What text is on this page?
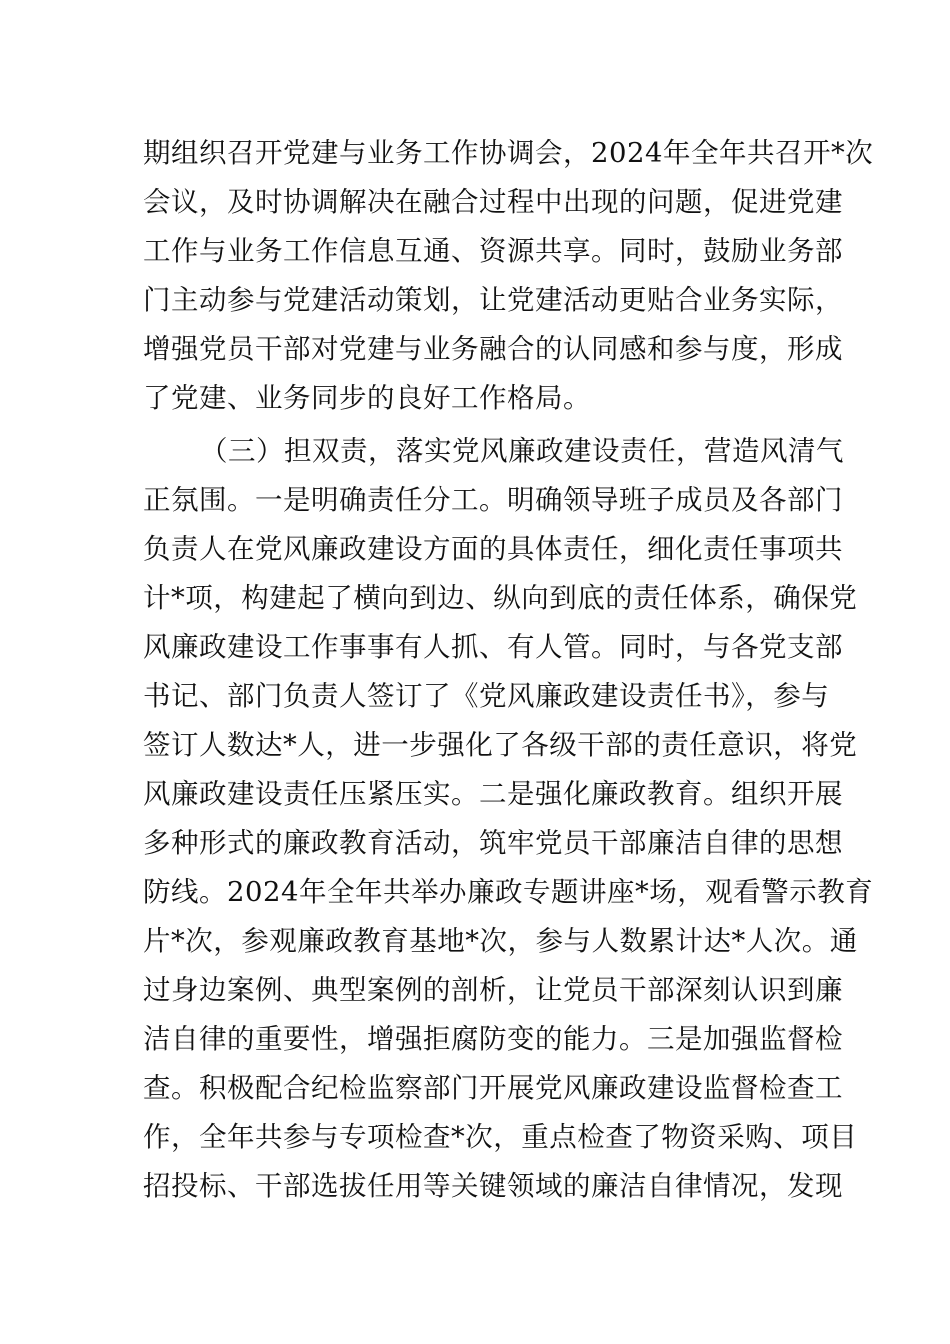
期组织召开党建与业务工作协调会，2024年全年共召开*次
会议，及时协调解决在融合过程中出现的问题，促进党建
工作与业务工作信息互通、资源共享。同时，鼓励业务部
门主动参与党建活动策划，让党建活动更贴合业务实际，
增强党员干部对党建与业务融合的认同感和参与度，形成
了党建、业务同步的良好工作格局。
（三）担双责，落实党风廉政建设责任，营造风清气
正氛围。一是明确责任分工。明确领导班子成员及各部门
负责人在党风廉政建设方面的具体责任，细化责任事项共
计*项，构建起了横向到边、纵向到底的责任体系，确保党
风廉政建设工作事事有人抓、有人管。同时，与各党支部
书记、部门负责人签订了《党风廉政建设责任书》，参与
签订人数达*人，进一步强化了各级干部的责任意识，将党
风廉政建设责任压紧压实。二是强化廉政教育。组织开展
多种形式的廉政教育活动，筑牢党员干部廉洁自律的思想
防线。2024年全年共举办廉政专题讲座*场，观看警示教育
片*次，参观廉政教育基地*次，参与人数累计达*人次。通
过身边案例、典型案例的剖析，让党员干部深刻认识到廉
洁自律的重要性，增强拒腐防变的能力。三是加强监督检
查。积极配合纪检监察部门开展党风廉政建设监督检查工
作，全年共参与专项检查*次，重点检查了物资采购、项目
招投标、干部选拔任用等关键领域的廉洁自律情况，发现
